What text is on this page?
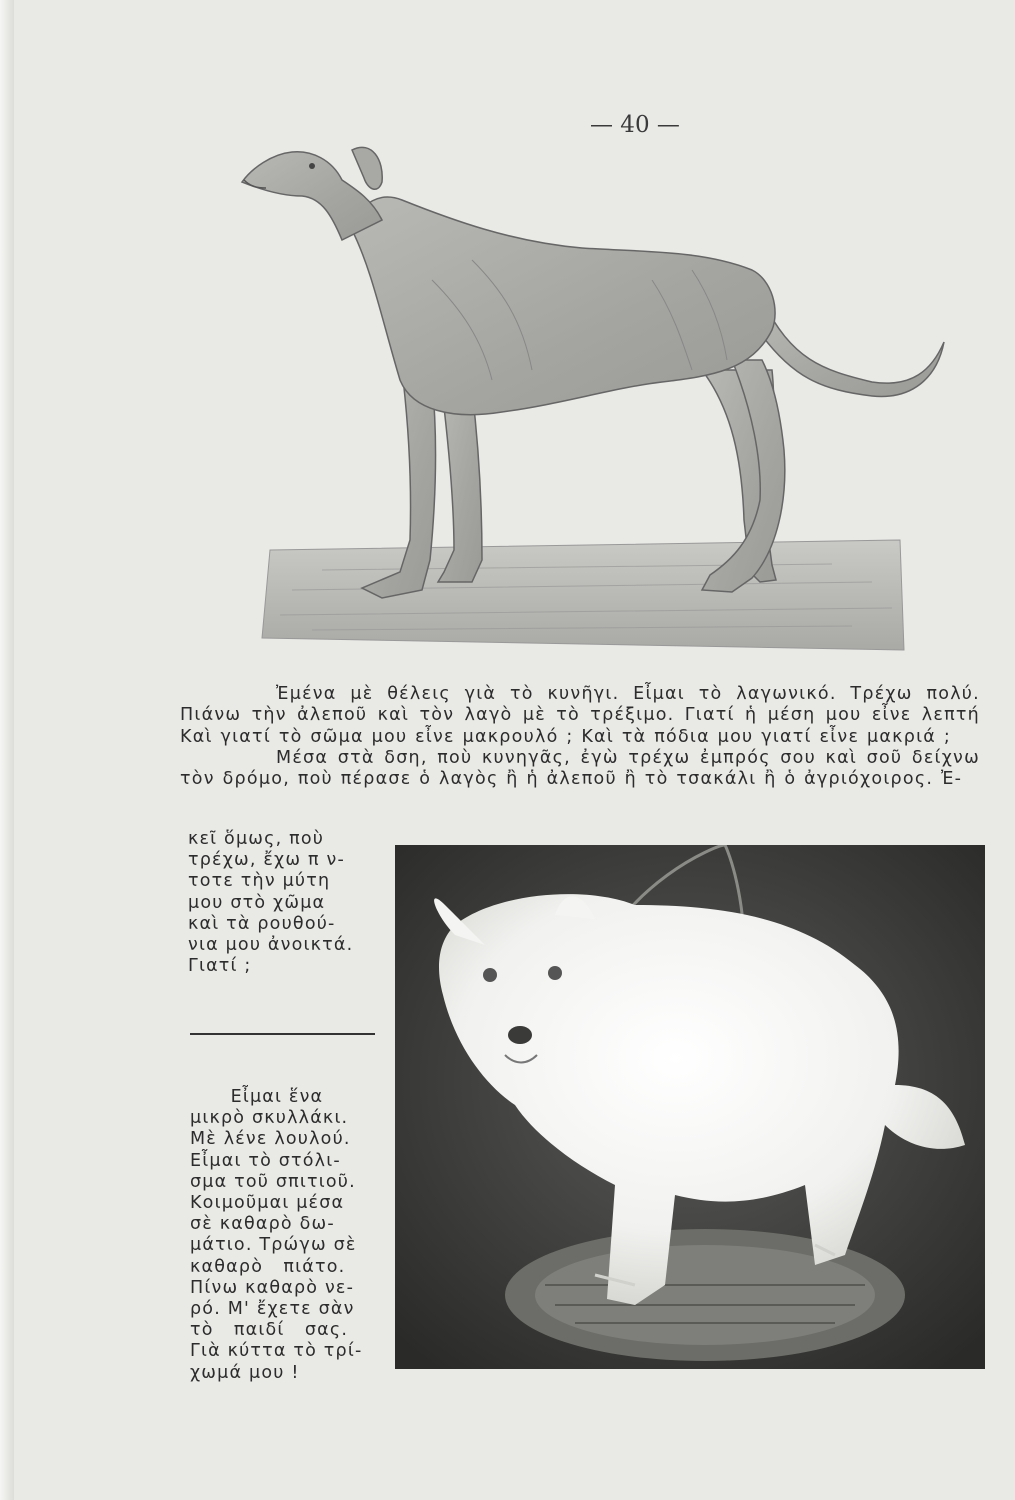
— 40 —

Ἐμένα μὲ θέλεις γιὰ τὸ κυνῆγι. Εἶμαι τὸ λαγωνικό. Τρέχω πολύ. Πιάνω τὴν ἀλεποῦ καὶ τὸν λαγὸ μὲ τὸ τρέξιμο. Γιατί ἡ μέση μου εἶνε λεπτή Καὶ γιατί τὸ σῶμα μου εἶνε μακρουλό ; Καὶ τὰ πόδια μου γιατί εἶνε μακριά ;

Μέσα στὰ δση, ποὺ κυνηγᾶς, ἐγὼ τρέχω ἐμπρός σου καὶ σοῦ δείχνω τὸν δρόμο, ποὺ πέρασε ὁ λαγὸς ἢ ἡ ἀλεποῦ ἢ τὸ τσακάλι ἢ ὁ ἀγριόχοιρος. Ἐ-

κεῖ ὅμως, ποὺ
τρέχω, ἔχω π ν-
τοτε τὴν μύτη
μου στὸ χῶμα
καὶ τὰ ρουθού-
νια μου ἀνοικτά.
Γιατί ;
Εἶμαι ἕνα
μικρὸ σκυλλάκι.
Μὲ λένε λουλού.
Εἶμαι τὸ στόλι-
σμα τοῦ σπιτιοῦ.
Κοιμοῦμαι μέσα
σὲ καθαρὸ δω-
μάτιο. Τρώγω σὲ
καθαρὸ   πιάτο.
Πίνω καθαρὸ νε-
ρό. Μ' ἔχετε σὰν
τὸ   παιδί   σας.
Γιὰ κύττα τὸ τρί-
χωμά μου !
